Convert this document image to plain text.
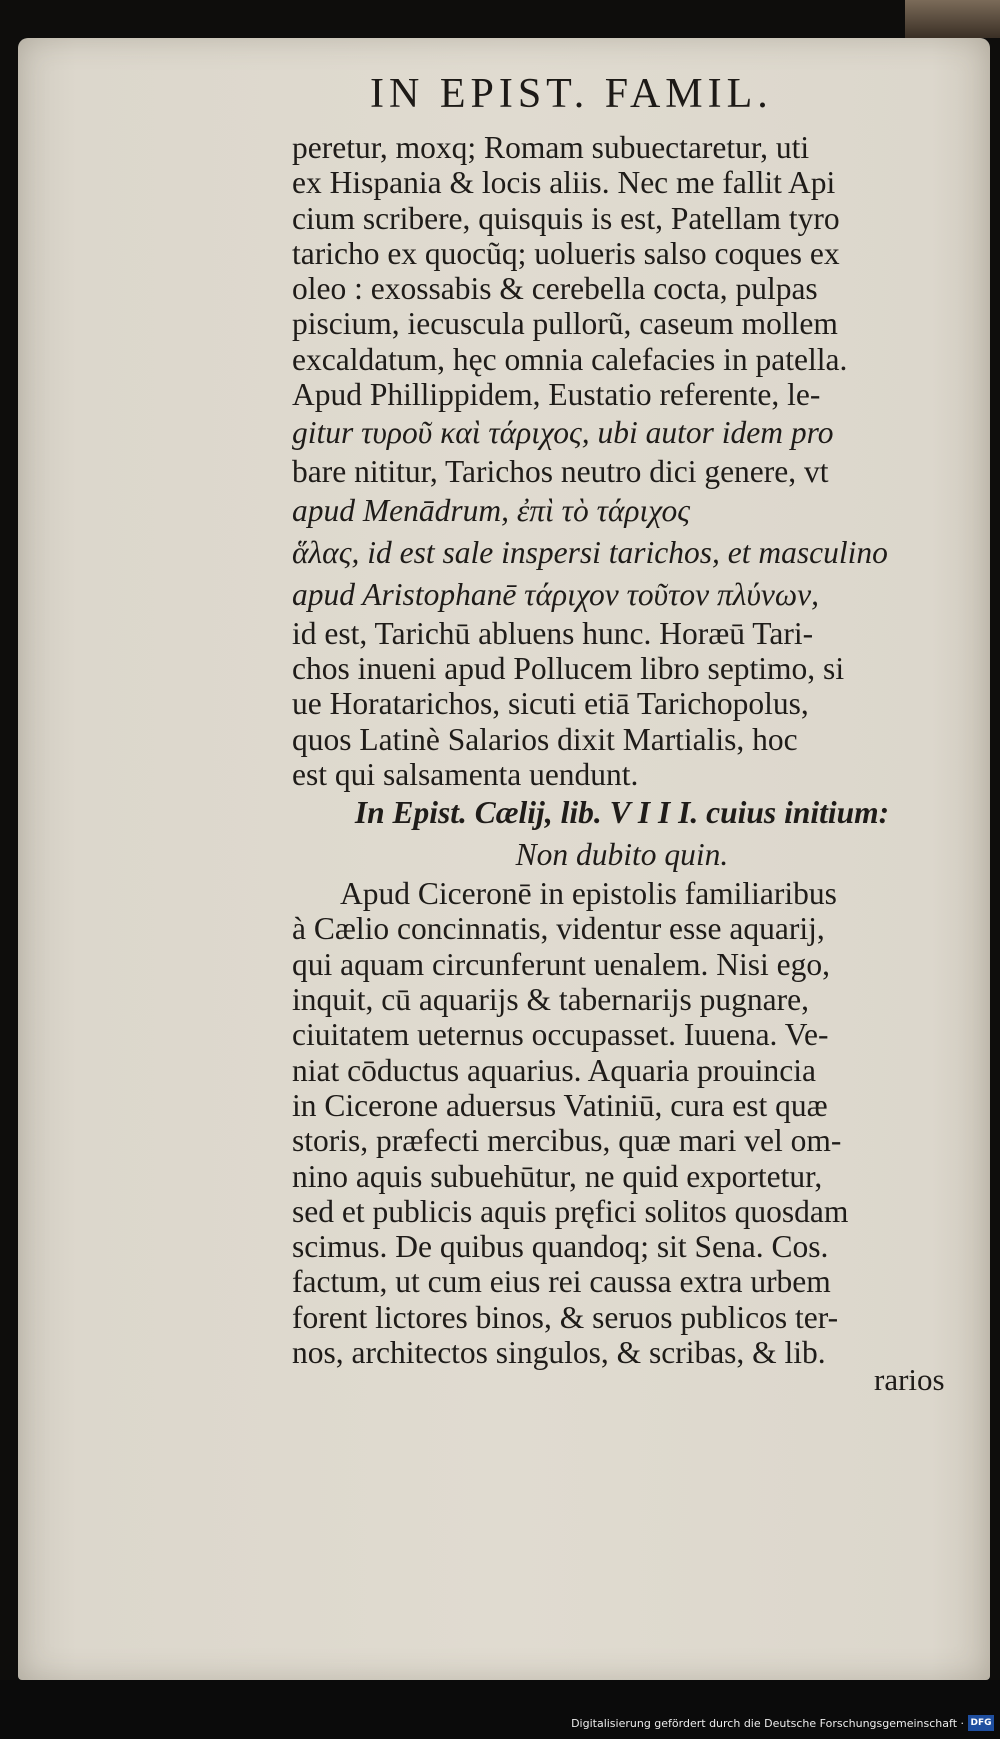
IN EPIST. FAMIL.
peretur, moxq; Romam subuectaretur, uti
ex Hispania & locis aliis. Nec me fallit Api
cium scribere, quisquis is est, Patellam tyro
taricho ex quocũq; uolueris salso coques ex
oleo : exossabis & cerebella cocta, pulpas
piscium, iecuscula pullorũ, caseum mollem
excaldatum, hęc omnia calefacies in patella.
Apud Phillippidem, Eustatio referente, le-
gitur τυροῦ καὶ τάριχος, ubi autor idem pro
bare nititur, Tarichos neutro dici genere, vt
apud Menādrum, ἐπὶ τὸ τάριχος
ἅλας, id est sale inspersi tarichos, et masculino
apud Aristophanē τάριχον τοῦτον πλύνων,
id est, Tarichū abluens hunc. Horæū Tari-
chos inueni apud Pollucem libro septimo, si
ue Horatarichos, sicuti etiā Tarichopolus,
quos Latinè Salarios dixit Martialis, hoc
est qui salsamenta uendunt.
In Epist. Cælij, lib. V I I I. cuius initium:
Non dubito quin.
Apud Ciceronē in epistolis familiaribus
à Cælio concinnatis, videntur esse aquarij,
qui aquam circunferunt uenalem. Nisi ego,
inquit, cū aquarijs & tabernarijs pugnare,
ciuitatem ueternus occupasset. Iuuena. Ve-
niat cōductus aquarius. Aquaria prouincia
in Cicerone aduersus Vatiniū, cura est quæ
storis, præfecti mercibus, quæ mari vel om-
nino aquis subuehūtur, ne quid exportetur,
sed et publicis aquis pręfici solitos quosdam
scimus. De quibus quandoq; sit Sena. Cos.
factum, ut cum eius rei caussa extra urbem
forent lictores binos, & seruos publicos ter-
nos, architectos singulos, & scribas, & lib.
rarios
Digitalisierung gefördert durch die Deutsche Forschungsgemeinschaft · DFG
